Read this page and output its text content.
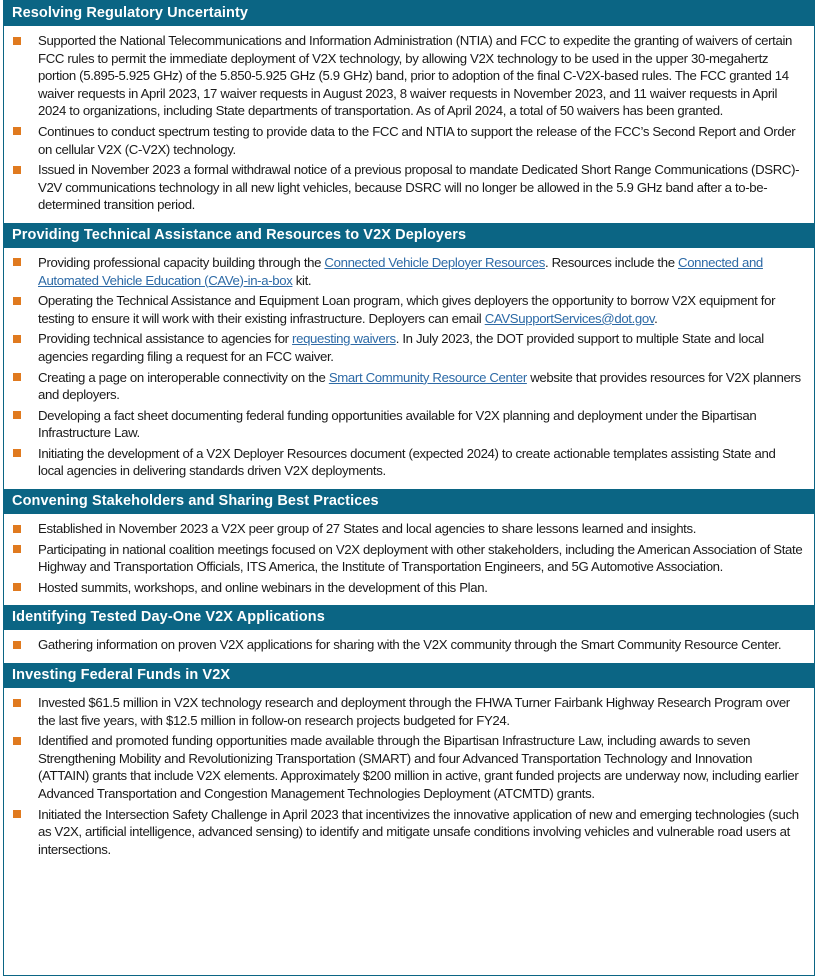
Resolving Regulatory Uncertainty
Supported the National Telecommunications and Information Administration (NTIA) and FCC to expedite the granting of waivers of certain FCC rules to permit the immediate deployment of V2X technology, by allowing V2X technology to be used in the upper 30-megahertz portion (5.895-5.925 GHz) of the 5.850-5.925 GHz (5.9 GHz) band, prior to adoption of the final C-V2X-based rules. The FCC granted 14 waiver requests in April 2023, 17 waiver requests in August 2023, 8 waiver requests in November 2023, and 11 waiver requests in April 2024 to organizations, including State departments of transportation. As of April 2024, a total of 50 waivers has been granted.
Continues to conduct spectrum testing to provide data to the FCC and NTIA to support the release of the FCC’s Second Report and Order on cellular V2X (C-V2X) technology.
Issued in November 2023 a formal withdrawal notice of a previous proposal to mandate Dedicated Short Range Communications (DSRC)-V2V communications technology in all new light vehicles, because DSRC will no longer be allowed in the 5.9 GHz band after a to-be-determined transition period.
Providing Technical Assistance and Resources to V2X Deployers
Providing professional capacity building through the Connected Vehicle Deployer Resources. Resources include the Connected and Automated Vehicle Education (CAVe)-in-a-box kit.
Operating the Technical Assistance and Equipment Loan program, which gives deployers the opportunity to borrow V2X equipment for testing to ensure it will work with their existing infrastructure. Deployers can email CAVSupportServices@dot.gov.
Providing technical assistance to agencies for requesting waivers. In July 2023, the DOT provided support to multiple State and local agencies regarding filing a request for an FCC waiver.
Creating a page on interoperable connectivity on the Smart Community Resource Center website that provides resources for V2X planners and deployers.
Developing a fact sheet documenting federal funding opportunities available for V2X planning and deployment under the Bipartisan Infrastructure Law.
Initiating the development of a V2X Deployer Resources document (expected 2024) to create actionable templates assisting State and local agencies in delivering standards driven V2X deployments.
Convening Stakeholders and Sharing Best Practices
Established in November 2023 a V2X peer group of 27 States and local agencies to share lessons learned and insights.
Participating in national coalition meetings focused on V2X deployment with other stakeholders, including the American Association of State Highway and Transportation Officials, ITS America, the Institute of Transportation Engineers, and 5G Automotive Association.
Hosted summits, workshops, and online webinars in the development of this Plan.
Identifying Tested Day-One V2X Applications
Gathering information on proven V2X applications for sharing with the V2X community through the Smart Community Resource Center.
Investing Federal Funds in V2X
Invested $61.5 million in V2X technology research and deployment through the FHWA Turner Fairbank Highway Research Program over the last five years, with $12.5 million in follow-on research projects budgeted for FY24.
Identified and promoted funding opportunities made available through the Bipartisan Infrastructure Law, including awards to seven Strengthening Mobility and Revolutionizing Transportation (SMART) and four Advanced Transportation Technology and Innovation (ATTAIN) grants that include V2X elements. Approximately $200 million in active, grant funded projects are underway now, including earlier Advanced Transportation and Congestion Management Technologies Deployment (ATCMTD) grants.
Initiated the Intersection Safety Challenge in April 2023 that incentivizes the innovative application of new and emerging technologies (such as V2X, artificial intelligence, advanced sensing) to identify and mitigate unsafe conditions involving vehicles and vulnerable road users at intersections.
